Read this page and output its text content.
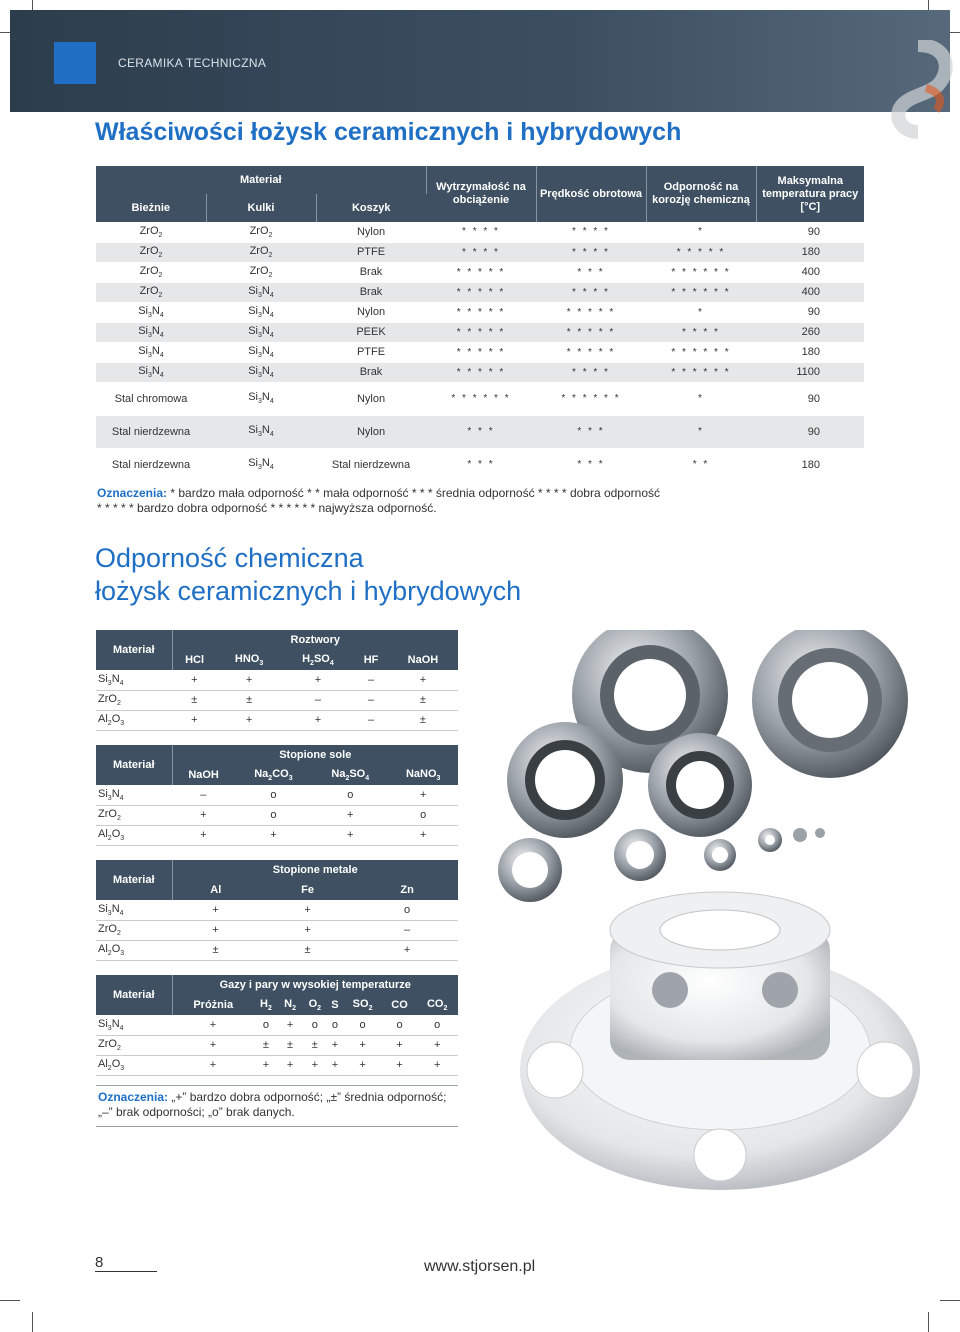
CERAMIKA TECHNICZNA
Właściwości łożysk ceramicznych i hybrydowych
Materiał			Wytrzymałość na obciążenie	Prędkość obrotowa	Odporność na korozję chemiczną	Maksymalna temperatura pracy [°C]
Bieżnie	Kulki	Koszyk				
ZrO$_2$	ZrO$_2$	Nylon	* * * *	* * * *	*	90
ZrO$_2$	ZrO$_2$	PTFE	* * * *	* * * *	* * * * *	180
ZrO$_2$	ZrO$_2$	Brak	* * * * *	* * *	* * * * * *	400
ZrO$_2$	$Si_3N_4$	Brak	* * * * *	* * * *	* * * * * *	400
$Si_3N_4$	$Si_3N_4$	Nylon	* * * * *	* * * * *	*	90
$Si_3N_4$	$Si_3N_4$	PEEK	* * * * *	* * * * *	* * * *	260
$Si_3N_4$	$Si_3N_4$	PTFE	* * * * *	* * * * *	* * * * * *	180
$Si_3N_4$	$Si_3N_4$	Brak	* * * * *	* * * *	* * * * * *	1100
Stal chromowa	$Si_3N_4$	Nylon	* * * * * *	* * * * * *	*	90
Stal nierdzewna	$Si_3N_4$	Nylon	* * *	* * *	*	90
Stal nierdzewna	$Si_3N_4$	Stal nierdzewna	* * *	* * *	* *	180
Oznaczenia: * bardzo mała odporność * * mała odporność * * * średnia odporność * * * * dobra odporność
* * * * * bardzo dobra odporność * * * * * * najwyższa odporność.
Odporność chemiczna
łożysk ceramicznych i hybrydowych
Materiał	Roztwory				
	HCl	$HNO_3$	$H_2SO_4$	HF	NaOH
$Si_3N_4$	+	+	+	–	+
ZrO$_2$	±	±	–	–	±
$Al_2O_3$	+	+	+	–	±
Materiał	Stopione sole			
	NaOH	$Na_2CO_3$	$Na_2SO_4$	NaNO$_3$
$Si_3N_4$	–	o	o	+
ZrO$_2$	+	o	+	o
$Al_2O_3$	+	+	+	+
Materiał	Stopione metale		
	Al	Fe	Zn
$Si_3N_4$	+	+	o
ZrO$_2$	+	+	–
$Al_2O_3$	±	±	+
Materiał	Gazy i pary w wysokiej temperaturze							
	Próżnia	$H_2$	$N_2$	$O_2$	S	$SO_2$	CO	$CO_2$
$Si_3N_4$	+	o	+	o	o	o	o	o
ZrO$_2$	+	±	±	±	+	+	+	+
$Al_2O_3$	+	+	+	+	+	+	+	+
Oznaczenia: „+” bardzo dobra odporność; „±” średnia odporność; „–” brak odporności; „o” brak danych.
8	www.stjorsen.pl
